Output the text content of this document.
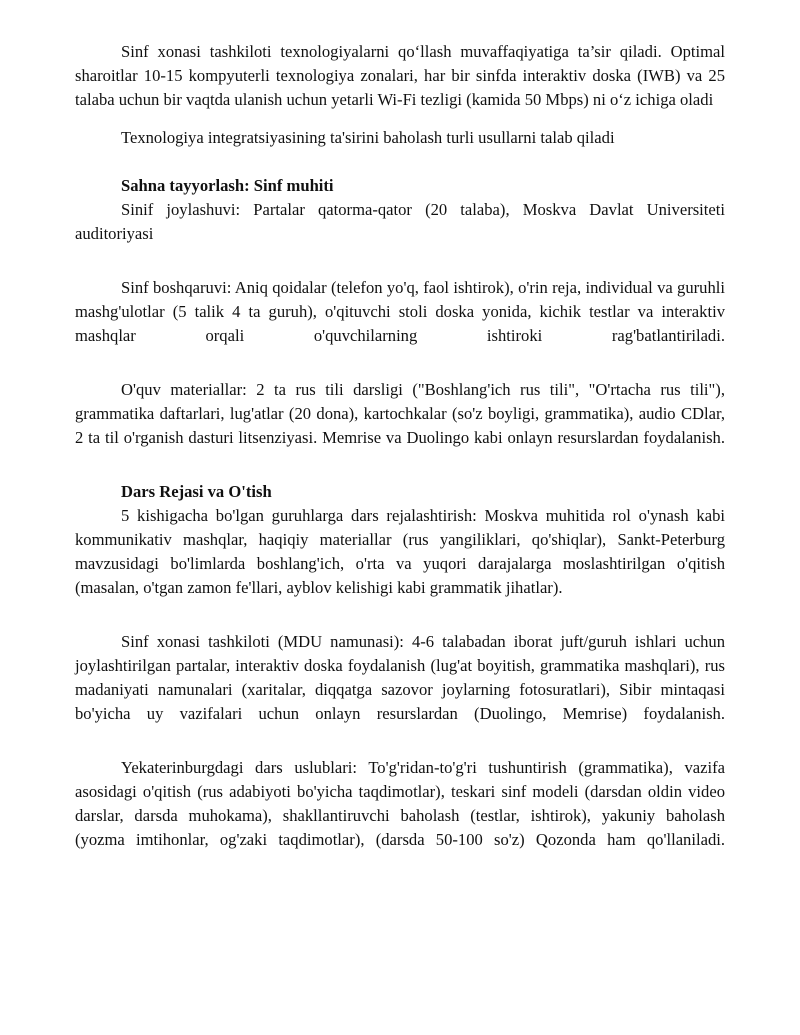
Sinf xonasi tashkiloti texnologiyalarni qo‘llash muvaffaqiyatiga ta’sir qiladi. Optimal sharoitlar 10-15 kompyuterli texnologiya zonalari, har bir sinfda interaktiv doska (IWB) va 25 talaba uchun bir vaqtda ulanish uchun yetarli Wi-Fi tezligi (kamida 50 Mbps) ni o‘z ichiga oladi

Texnologiya integratsiyasining ta'sirini baholash turli usullarni talab qiladi

Sahna tayyorlash: Sinf muhiti

Sinif joylashuvi: Partalar qatorma-qator (20 talaba), Moskva Davlat Universiteti auditoriyasi

Sinf boshqaruvi: Aniq qoidalar (telefon yo'q, faol ishtirok), o'rin reja, individual va guruhli mashg'ulotlar (5 talik 4 ta guruh), o'qituvchi stoli doska yonida, kichik testlar va interaktiv mashqlar orqali o'quvchilarning ishtiroki rag'batlantiriladi.

O'quv materiallar: 2 ta rus tili darsligi ("Boshlang'ich rus tili", "O'rtacha rus tili"), grammatika daftarlari, lug'atlar (20 dona), kartochkalar (so'z boyligi, grammatika), audio CDlar, 2 ta til o'rganish dasturi litsenziyasi. Memrise va Duolingo kabi onlayn resurslardan foydalanish.

Dars Rejasi va O'tish

5 kishigacha bo'lgan guruhlarga dars rejalashtirish: Moskva muhitida rol o'ynash kabi kommunikativ mashqlar, haqiqiy materiallar (rus yangiliklari, qo'shiqlar), Sankt-Peterburg mavzusidagi bo'limlarda boshlang'ich, o'rta va yuqori darajalarga moslashtirilgan o'qitish (masalan, o'tgan zamon fe'llari, ayblov kelishigi kabi grammatik jihatlar).

Sinf xonasi tashkiloti (MDU namunasi): 4-6 talabadan iborat juft/guruh ishlari uchun joylashtirilgan partalar, interaktiv doska foydalanish (lug'at boyitish, grammatika mashqlari), rus madaniyati namunalari (xaritalar, diqqatga sazovor joylarning fotosuratlari), Sibir mintaqasi bo'yicha uy vazifalari uchun onlayn resurslardan (Duolingo, Memrise) foydalanish.

Yekaterinburgdagi dars uslublari: To'g'ridan-to'g'ri tushuntirish (grammatika), vazifa asosidagi o'qitish (rus adabiyoti bo'yicha taqdimotlar), teskari sinf modeli (darsdan oldin video darslar, darsda muhokama), shakllantiruvchi baholash (testlar, ishtirok), yakuniy baholash (yozma imtihonlar, og'zaki taqdimotlar), (darsda 50-100 so'z) Qozonda ham qo'llaniladi.
